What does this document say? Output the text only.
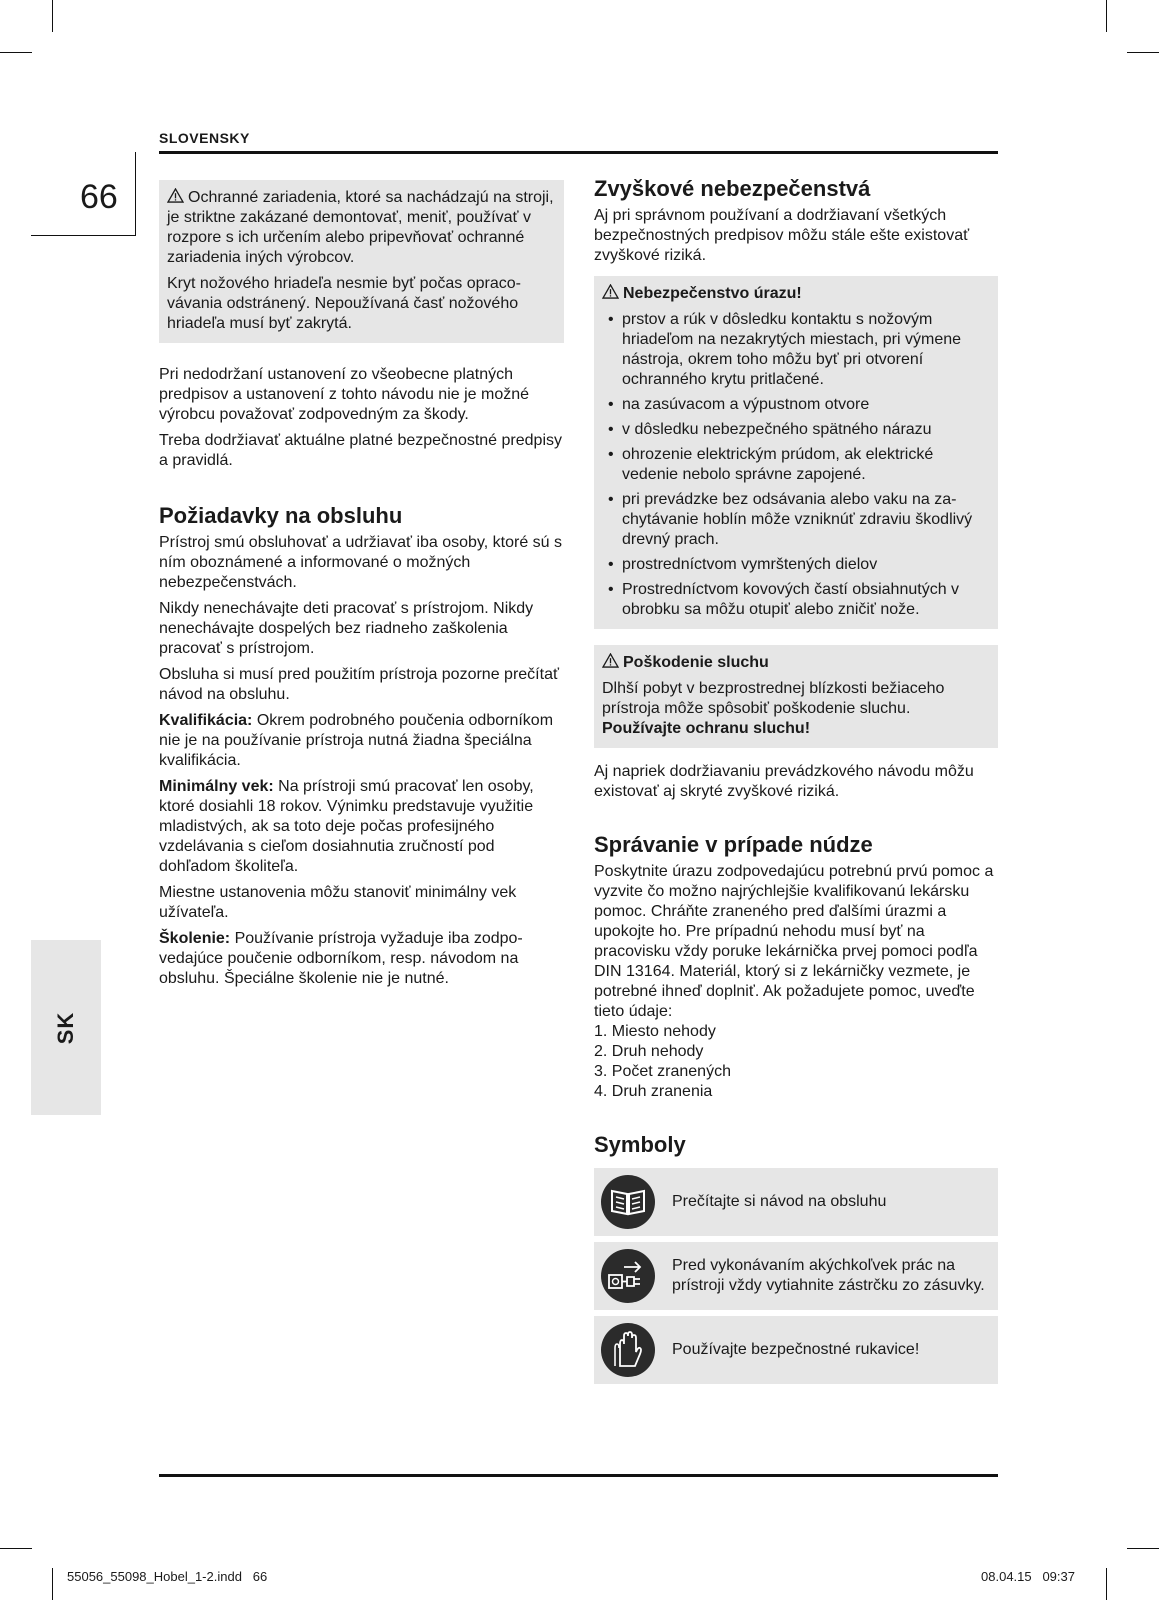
SLOVENSKY
66
SK

Ochranné zariadenia, ktoré sa nachádzajú na stroji, je striktne zakázané demontovať, meniť, používať v rozpore s ich určením alebo pripevňovať ochranné zariadenia iných výrobcov.

Kryt nožového hriadeľa nesmie byť počas opracovávania odstránený. Nepoužívaná časť nožového hriadeľa musí byť zakrytá.

Pri nedodržaní ustanovení zo všeobecne platných predpisov a ustanovení z tohto návodu nie je možné výrobcu považovať zodpovedným za škody.

Treba dodržiavať aktuálne platné bezpečnostné predpisy a pravidlá.

Požiadavky na obsluhu

Prístroj smú obsluhovať a udržiavať iba osoby, ktoré sú s ním oboznámené a informované o možných nebezpečenstvách.

Nikdy nenechávajte deti pracovať s prístrojom. Nikdy nenechávajte dospelých bez riadneho zaškolenia pracovať s prístrojom.

Obsluha si musí pred použitím prístroja pozorne prečítať návod na obsluhu.

Kvalifikácia: Okrem podrobného poučenia odborníkom nie je na používanie prístroja nutná žiadna špeciálna kvalifikácia.

Minimálny vek: Na prístroji smú pracovať len osoby, ktoré dosiahli 18 rokov. Výnimku predstavuje využitie mladistvých, ak sa toto deje počas profesijného vzdelávania s cieľom dosiahnutia zručností pod dohľadom školiteľa.

Miestne ustanovenia môžu stanoviť minimálny vek užívateľa.

Školenie: Používanie prístroja vyžaduje iba zodpovedajúce poučenie odborníkom, resp. návodom na obsluhu. Špeciálne školenie nie je nutné.

Zvyškové nebezpečenstvá

Aj pri správnom používaní a dodržiavaní všetkých bezpečnostných predpisov môžu stále ešte existovať zvyškové riziká.

Nebezpečenstvo úrazu!
• prstov a rúk v dôsledku kontaktu s nožovým hriadeľom na nezakrytých miestach, pri výmene nástroja, okrem toho môžu byť pri otvorení ochranného krytu pritlačené.
• na zasúvacom a výpustnom otvore
• v dôsledku nebezpečného spätného nárazu
• ohrozenie elektrickým prúdom, ak elektrické vedenie nebolo správne zapojené.
• pri prevádzke bez odsávania alebo vaku na zachytávanie hoblín môže vzniknúť zdraviu škodlivý drevný prach.
• prostredníctvom vymrštených dielov
• Prostredníctvom kovových častí obsiahnutých v obrobku sa môžu otupiť alebo zničiť nože.
Poškodenie sluchu

Dlhší pobyt v bezprostrednej blízkosti bežiaceho prístroja môže spôsobiť poškodenie sluchu.

Používajte ochranu sluchu!

Aj napriek dodržiavaniu prevádzkového návodu môžu existovať aj skryté zvyškové riziká.

Správanie v prípade núdze

Poskytnite úrazu zodpovedajúcu potrebnú prvú pomoc a vyzvite čo možno najrýchlejšie kvalifikovanú lekársku pomoc. Chráňte zraneného pred ďalšími úrazmi a upokojte ho. Pre prípadnú nehodu musí byť na pracovisku vždy poruke lekárnička prvej pomoci podľa DIN 13164. Materiál, ktorý si z lekárničky vezmete, je potrebné ihneď doplniť. Ak požadujete pomoc, uveďte tieto údaje:

1. Miesto nehody
2. Druh nehody
3. Počet zranených
4. Druh zranenia
Symboly
Prečítajte si návod na obsluhu
Pred vykonávaním akýchkoľvek prác na prístroji vždy vytiahnite zástrčku zo zásuvky.
Používajte bezpečnostné rukavice!
55056_55098_Hobel_1-2.indd   66	08.04.15   09:37
